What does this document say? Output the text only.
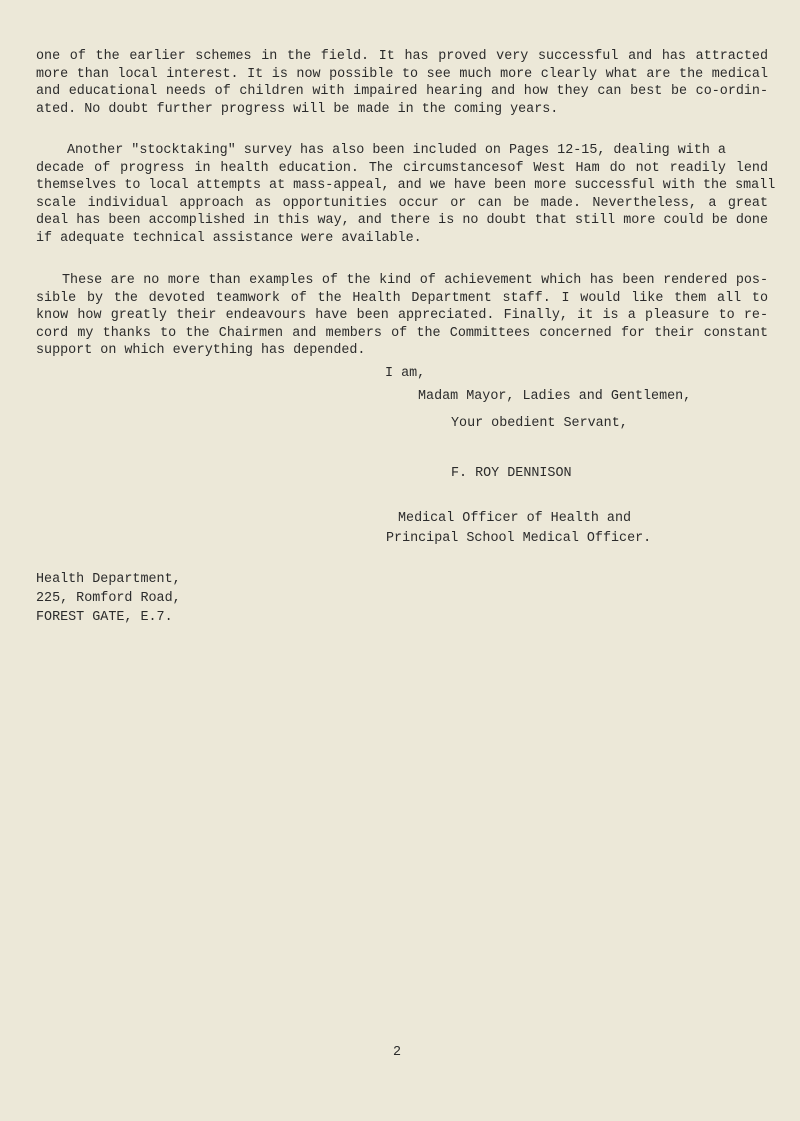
one of the earlier schemes in the field. It has proved very successful and has attracted
more than local interest. It is now possible to see much more clearly what are the medical
and educational needs of children with impaired hearing and how they can best be co-ordin-
ated. No doubt further progress will be made in the coming years.

Another "stocktaking" survey has also been included on Pages 12-15, dealing with a
decade of progress in health education. The circumstancesof West Ham do not readily lend
themselves to local attempts at mass-appeal, and we have been more successful with the small
scale individual approach as opportunities occur or can be made. Nevertheless, a great
deal has been accomplished in this way, and there is no doubt that still more could be done
if adequate technical assistance were available.

These are no more than examples of the kind of achievement which has been rendered pos-
sible by the devoted teamwork of the Health Department staff. I would like them all to
know how greatly their endeavours have been appreciated. Finally, it is a pleasure to re-
cord my thanks to the Chairmen and members of the Committees concerned for their constant
support on which everything has depended.

I am,
Madam Mayor, Ladies and Gentlemen,
Your obedient Servant,
F. ROY DENNISON
Medical Officer of Health and
Principal School Medical Officer.
Health Department,
225, Romford Road,
FOREST GATE, E.7.
2
